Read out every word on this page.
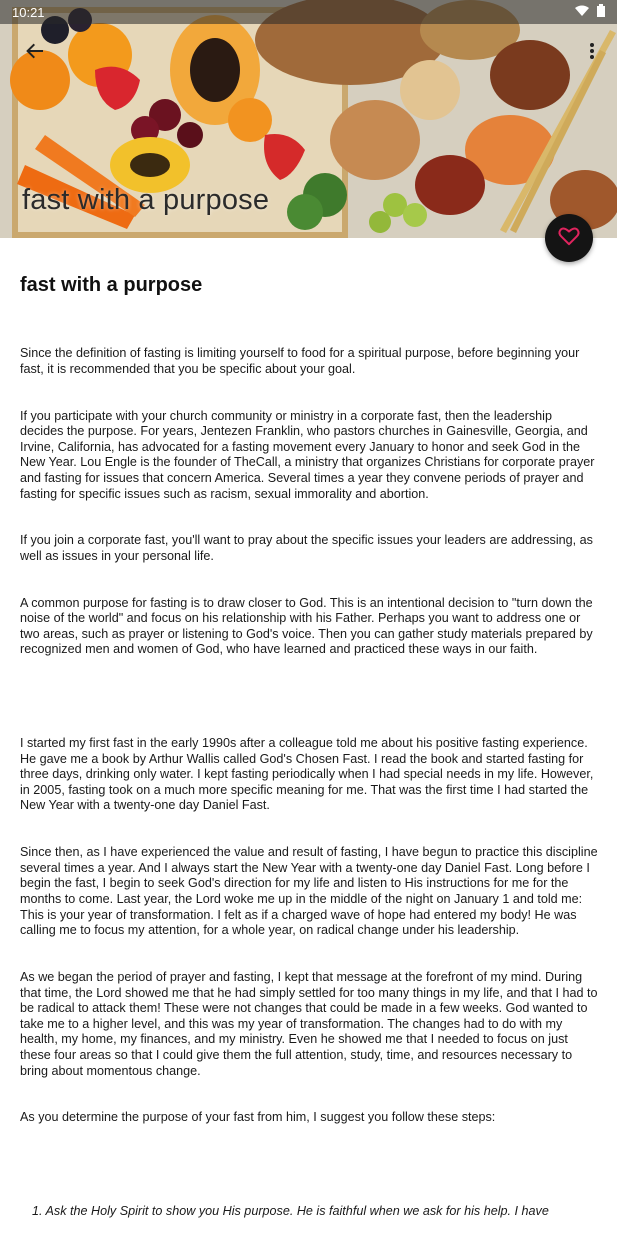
10:21
fast with a purpose
fast with a purpose

Since the definition of fasting is limiting yourself to food for a spiritual purpose, before beginning your fast, it is recommended that you be specific about your goal.

If you participate with your church community or ministry in a corporate fast, then the leadership decides the purpose. For years, Jentezen Franklin, who pastors churches in Gainesville, Georgia, and Irvine, California, has advocated for a fasting movement every January to honor and seek God in the New Year. Lou Engle is the founder of TheCall, a ministry that organizes Christians for corporate prayer and fasting for issues that concern America. Several times a year they convene periods of prayer and fasting for specific issues such as racism, sexual immorality and abortion.

If you join a corporate fast, you'll want to pray about the specific issues your leaders are addressing, as well as issues in your personal life.

A common purpose for fasting is to draw closer to God. This is an intentional decision to "turn down the noise of the world" and focus on his relationship with his Father. Perhaps you want to address one or two areas, such as prayer or listening to God's voice. Then you can gather study materials prepared by recognized men and women of God, who have learned and practiced these ways in our faith.

I started my first fast in the early 1990s after a colleague told me about his positive fasting experience. He gave me a book by Arthur Wallis called God's Chosen Fast. I read the book and started fasting for three days, drinking only water. I kept fasting periodically when I had special needs in my life. However, in 2005, fasting took on a much more specific meaning for me. That was the first time I had started the New Year with a twenty-one day Daniel Fast.

Since then, as I have experienced the value and result of fasting, I have begun to practice this discipline several times a year. And I always start the New Year with a twenty-one day Daniel Fast. Long before I begin the fast, I begin to seek God's direction for my life and listen to His instructions for me for the months to come. Last year, the Lord woke me up in the middle of the night on January 1 and told me: This is your year of transformation. I felt as if a charged wave of hope had entered my body! He was calling me to focus my attention, for a whole year, on radical change under his leadership.

As we began the period of prayer and fasting, I kept that message at the forefront of my mind. During that time, the Lord showed me that he had simply settled for too many things in my life, and that I had to be radical to attack them! These were not changes that could be made in a few weeks. God wanted to take me to a higher level, and this was my year of transformation. The changes had to do with my health, my home, my finances, and my ministry. Even he showed me that I needed to focus on just these four areas so that I could give them the full attention, study, time, and resources necessary to bring about momentous change.

As you determine the purpose of your fast from him, I suggest you follow these steps:

1. Ask the Holy Spirit to show you His purpose. He is faithful when we ask for his help. I have
